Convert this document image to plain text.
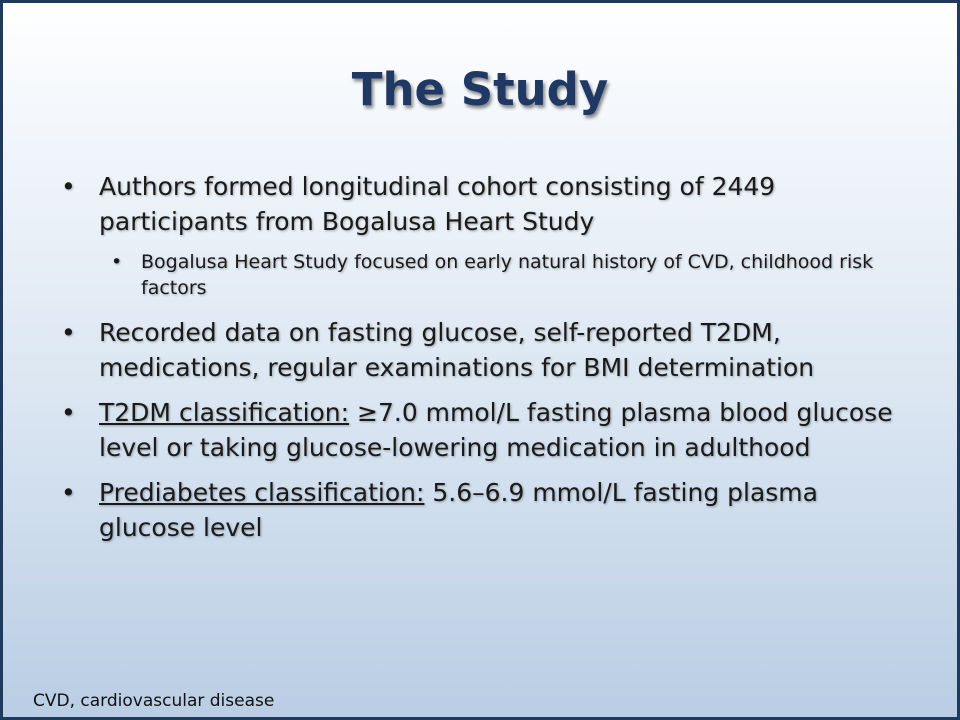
The Study
• Authors formed longitudinal cohort consisting of 2449 participants from Bogalusa Heart Study
• Bogalusa Heart Study focused on early natural history of CVD, childhood risk factors
• Recorded data on fasting glucose, self-reported T2DM, medications, regular examinations for BMI determination
• T2DM classification: ≥7.0 mmol/L fasting plasma blood glucose level or taking glucose-lowering medication in adulthood
• Prediabetes classification: 5.6–6.9 mmol/L fasting plasma glucose level
CVD, cardiovascular disease
